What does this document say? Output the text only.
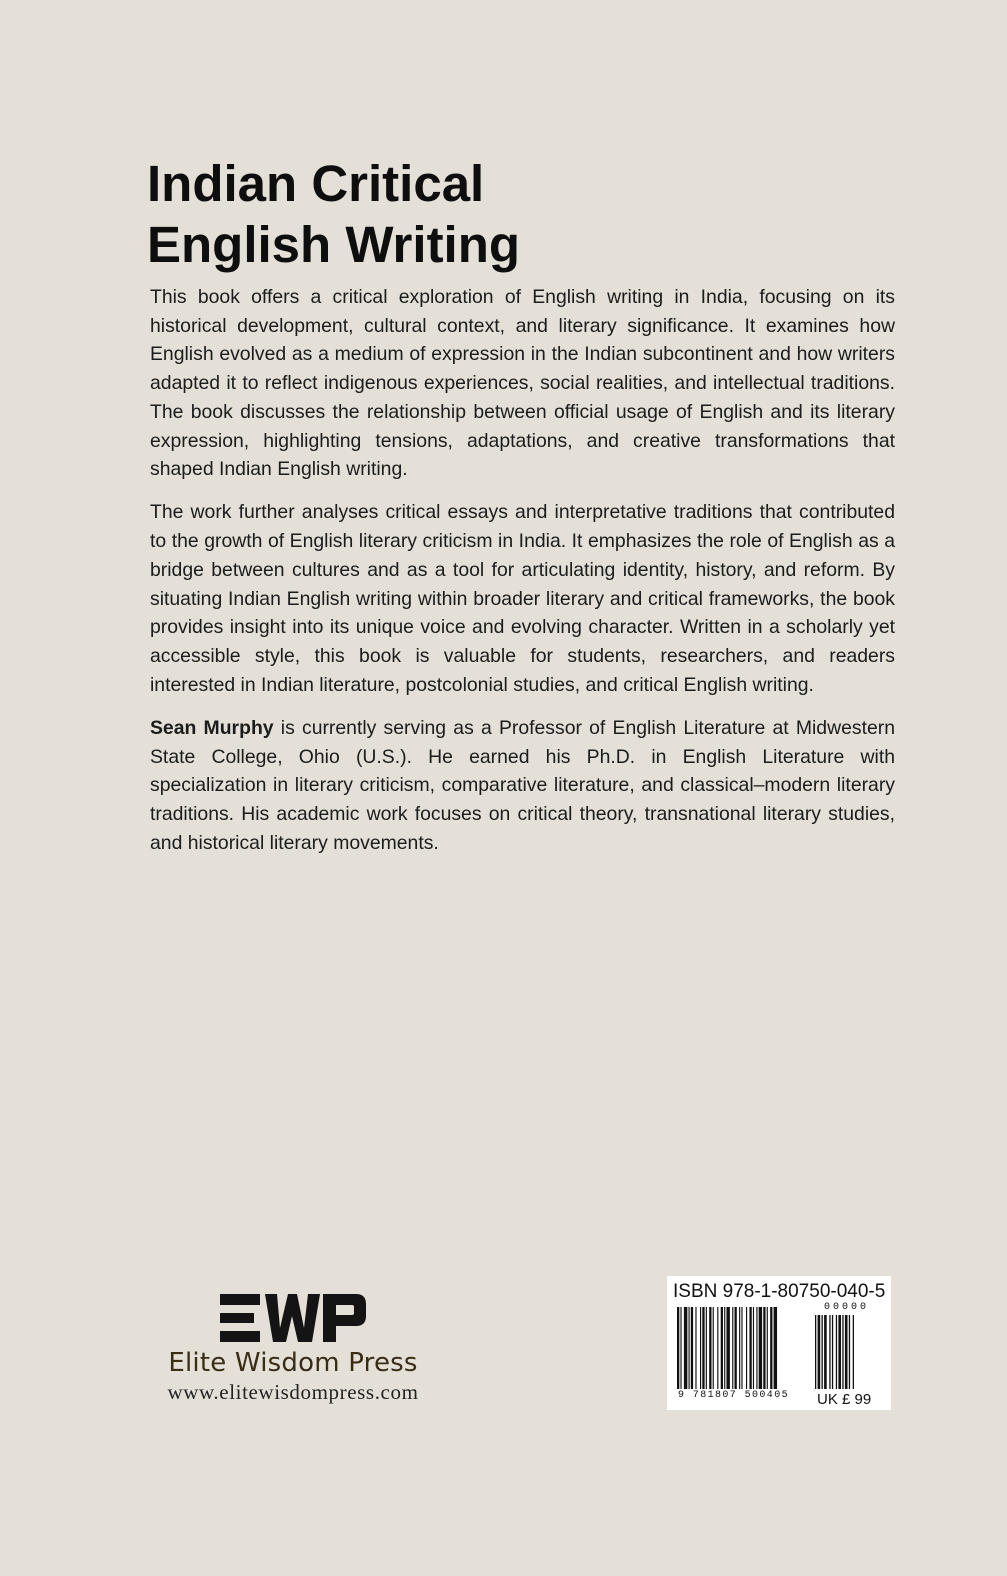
Indian Critical
English Writing

This book offers a critical exploration of English writing in India, focusing on its historical development, cultural context, and literary significance. It examines how English evolved as a medium of expression in the Indian subcontinent and how writers adapted it to reflect indigenous experiences, social realities, and intellectual traditions. The book discusses the relationship between official usage of English and its literary expression, highlighting tensions, adaptations, and creative transformations that shaped Indian English writing.

The work further analyses critical essays and interpretative traditions that contributed to the growth of English literary criticism in India. It emphasizes the role of English as a bridge between cultures and as a tool for articulating identity, history, and reform. By situating Indian English writing within broader literary and critical frameworks, the book provides insight into its unique voice and evolving character. Written in a scholarly yet accessible style, this book is valuable for students, researchers, and readers interested in Indian literature, postcolonial studies, and critical English writing.

Sean Murphy is currently serving as a Professor of English Literature at Midwestern State College, Ohio (U.S.). He earned his Ph.D. in English Literature with specialization in literary criticism, comparative literature, and classical–modern literary traditions. His academic work focuses on critical theory, transnational literary studies, and historical literary movements.

Elite Wisdom Press
www.elitewisdompress.com
ISBN 978-1-80750-040-5
00000
9 781807 500405 UK £ 99
